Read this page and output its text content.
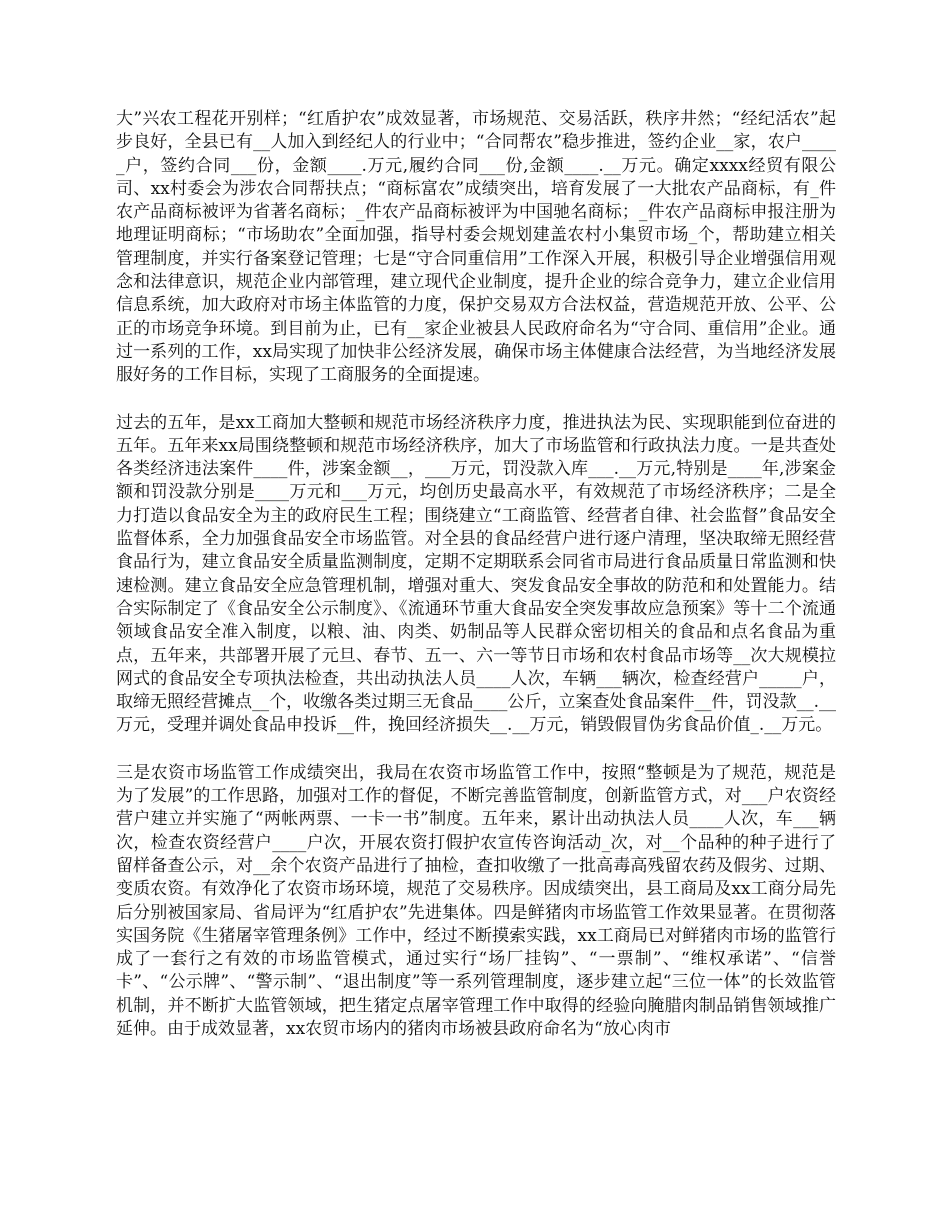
大”兴农工程花开别样；“红盾护农”成效显著，市场规范、交易活跃，秩序井然；“经纪活农”起步良好，全县已有__人加入到经纪人的行业中；“合同帮农”稳步推进，签约企业__家，农户_____户，签约合同___份，金额____.万元,履约合同___份,金额____.__万元。确定xxxx经贸有限公司、xx村委会为涉农合同帮扶点；“商标富农”成绩突出，培育发展了一大批农产品商标，有_件农产品商标被评为省著名商标；_件农产品商标被评为中国驰名商标；_件农产品商标申报注册为地理证明商标；“市场助农”全面加强，指导村委会规划建盖农村小集贸市场_个，帮助建立相关管理制度，并实行备案登记管理；七是“守合同重信用”工作深入开展，积极引导企业增强信用观念和法律意识，规范企业内部管理，建立现代企业制度，提升企业的综合竞争力，建立企业信用信息系统，加大政府对市场主体监管的力度，保护交易双方合法权益，营造规范开放、公平、公正的市场竞争环境。到目前为止，已有__家企业被县人民政府命名为“守合同、重信用”企业。通过一系列的工作，xx局实现了加快非公经济发展，确保市场主体健康合法经营，为当地经济发展服好务的工作目标，实现了工商服务的全面提速。

过去的五年，是xx工商加大整顿和规范市场经济秩序力度，推进执法为民、实现职能到位奋进的五年。五年来xx局围绕整顿和规范市场经济秩序，加大了市场监管和行政执法力度。一是共查处各类经济违法案件____件，涉案金额__，___万元，罚没款入库___.__万元,特别是____年,涉案金额和罚没款分别是____万元和___万元，均创历史最高水平，有效规范了市场经济秩序；二是全力打造以食品安全为主的政府民生工程；围绕建立“工商监管、经营者自律、社会监督”食品安全监督体系，全力加强食品安全市场监管。对全县的食品经营户进行逐户清理，坚决取缔无照经营食品行为，建立食品安全质量监测制度，定期不定期联系会同省市局进行食品质量日常监测和快速检测。建立食品安全应急管理机制，增强对重大、突发食品安全事故的防范和和处置能力。结合实际制定了《食品安全公示制度》、《流通环节重大食品安全突发事故应急预案》等十二个流通领域食品安全准入制度，以粮、油、肉类、奶制品等人民群众密切相关的食品和点名食品为重点，五年来，共部署开展了元旦、春节、五一、六一等节日市场和农村食品市场等__次大规模拉网式的食品安全专项执法检查，共出动执法人员____人次，车辆___辆次，检查经营户_____户，取缔无照经营摊点__个，收缴各类过期三无食品____公斤，立案查处食品案件__件，罚没款__.__万元，受理并调处食品申投诉__件，挽回经济损失__.__万元，销毁假冒伪劣食品价值_.__万元。

三是农资市场监管工作成绩突出，我局在农资市场监管工作中，按照“整顿是为了规范，规范是为了发展”的工作思路，加强对工作的督促，不断完善监管制度，创新监管方式，对___户农资经营户建立并实施了“两帐两票、一卡一书”制度。五年来，累计出动执法人员____人次，车___辆次，检查农资经营户____户次，开展农资打假护农宣传咨询活动_次，对__个品种的种子进行了留样备查公示，对__余个农资产品进行了抽检，查扣收缴了一批高毒高残留农药及假劣、过期、变质农资。有效净化了农资市场环境，规范了交易秩序。因成绩突出，县工商局及xx工商分局先后分别被国家局、省局评为“红盾护农”先进集体。四是鲜猪肉市场监管工作效果显著。在贯彻落实国务院《生猪屠宰管理条例》工作中，经过不断摸索实践，xx工商局已对鲜猪肉市场的监管行成了一套行之有效的市场监管模式，通过实行“场厂挂钩”、“一票制”、“维权承诺”、“信誉卡”、“公示牌”、“警示制”、“退出制度”等一系列管理制度，逐步建立起“三位一体”的长效监管机制，并不断扩大监管领域，把生猪定点屠宰管理工作中取得的经验向腌腊肉制品销售领域推广延伸。由于成效显著，xx农贸市场内的猪肉市场被县政府命名为“放心肉市
